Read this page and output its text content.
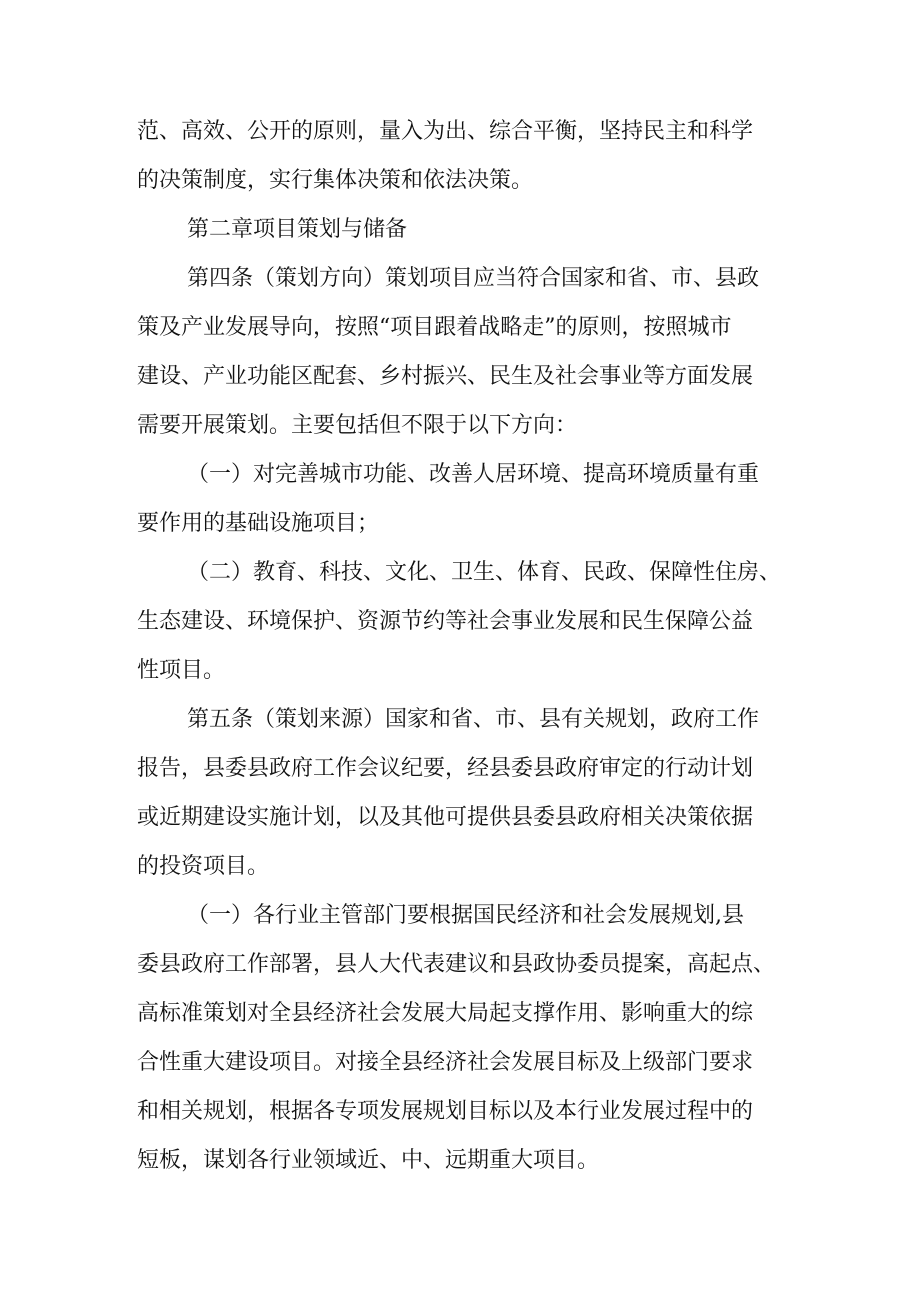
范、高效、公开的原则，量入为出、综合平衡，坚持民主和科学
的决策制度，实行集体决策和依法决策。
第二章项目策划与储备
第四条（策划方向）策划项目应当符合国家和省、市、县政
策及产业发展导向，按照“项目跟着战略走”的原则，按照城市
建设、产业功能区配套、乡村振兴、民生及社会事业等方面发展
需要开展策划。主要包括但不限于以下方向：
（一）对完善城市功能、改善人居环境、提高环境质量有重
要作用的基础设施项目；
（二）教育、科技、文化、卫生、体育、民政、保障性住房、
生态建设、环境保护、资源节约等社会事业发展和民生保障公益
性项目。
第五条（策划来源）国家和省、市、县有关规划，政府工作
报告，县委县政府工作会议纪要，经县委县政府审定的行动计划
或近期建设实施计划，以及其他可提供县委县政府相关决策依据
的投资项目。
（一）各行业主管部门要根据国民经济和社会发展规划,县
委县政府工作部署，县人大代表建议和县政协委员提案，高起点、
高标准策划对全县经济社会发展大局起支撑作用、影响重大的综
合性重大建设项目。对接全县经济社会发展目标及上级部门要求
和相关规划，根据各专项发展规划目标以及本行业发展过程中的
短板，谋划各行业领域近、中、远期重大项目。
